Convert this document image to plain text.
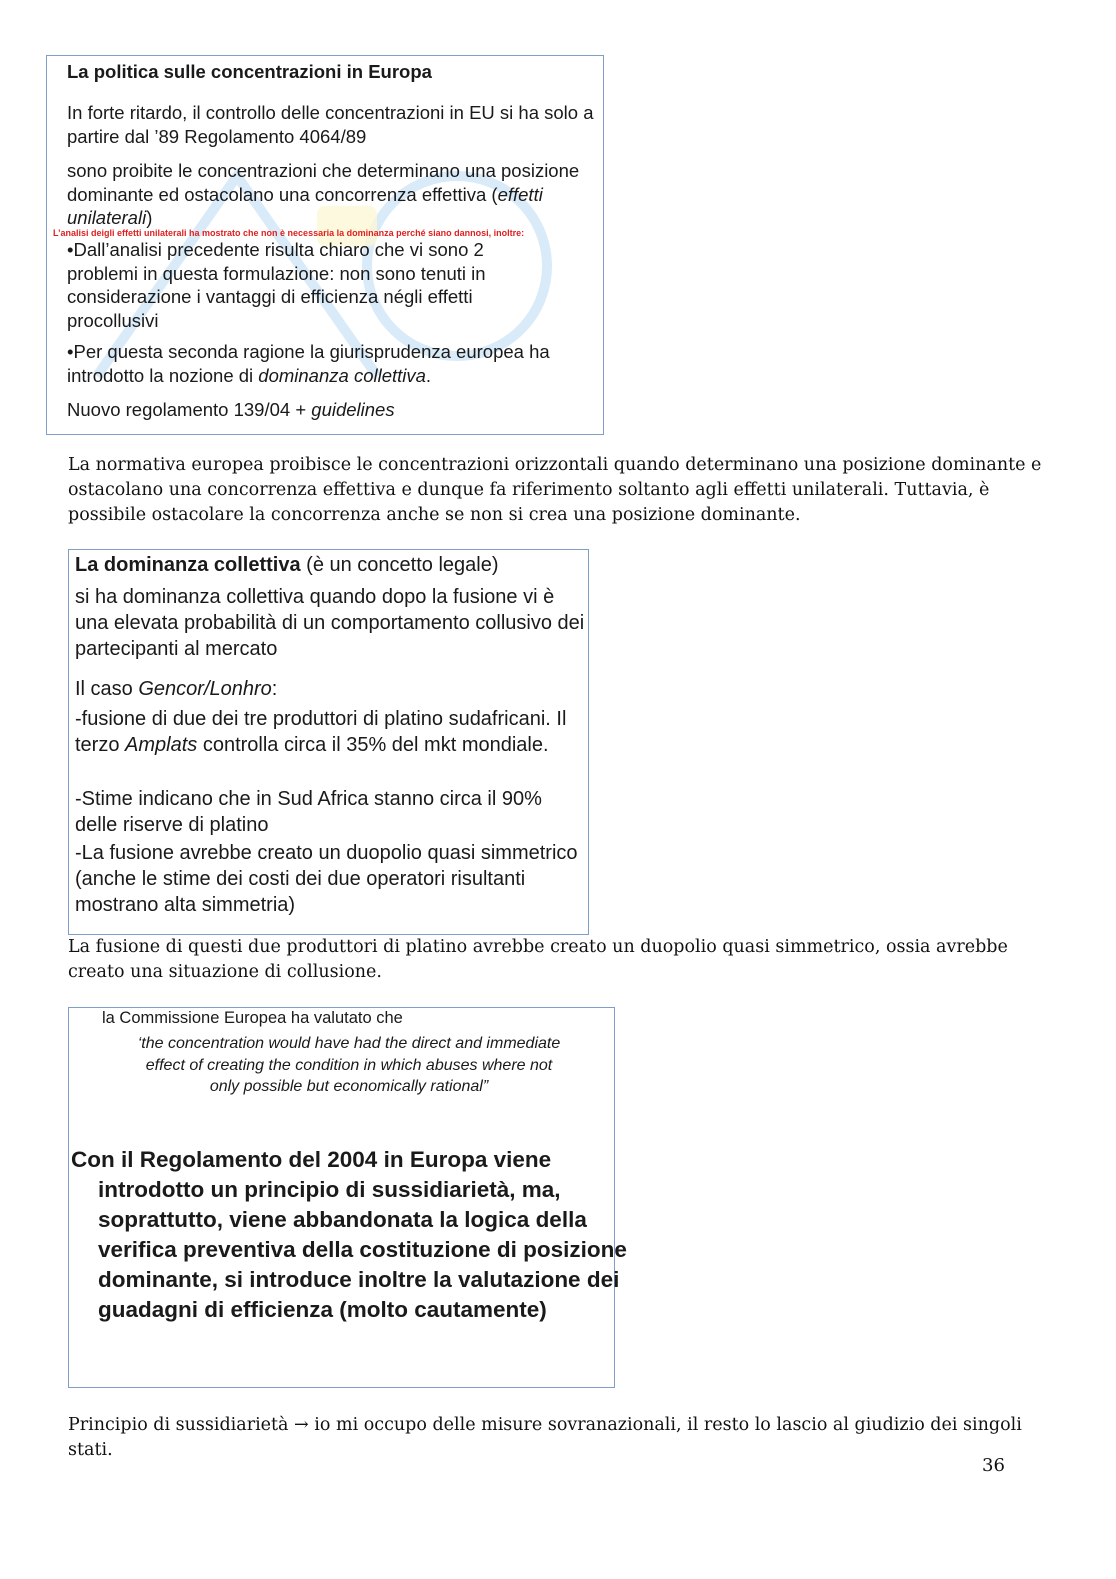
La politica sulle concentrazioni in Europa
In forte ritardo, il controllo delle concentrazioni in EU si ha solo a partire dal ’89 Regolamento 4064/89
sono proibite le concentrazioni che determinano una posizione dominante ed ostacolano una concorrenza effettiva (effetti unilaterali)
L’analisi deigli effetti unilaterali ha mostrato che non è necessaria la dominanza perché siano dannosi, inoltre:
•Dall’analisi precedente risulta chiaro che vi sono 2 problemi in questa formulazione: non sono tenuti in considerazione i vantaggi di efficienza négli effetti procollusivi
•Per questa seconda ragione la giurisprudenza europea ha introdotto la nozione di dominanza collettiva.
Nuovo regolamento 139/04 + guidelines

La normativa europea proibisce le concentrazioni orizzontali quando determinano una posizione dominante e ostacolano una concorrenza effettiva e dunque fa riferimento soltanto agli effetti unilaterali. Tuttavia, è possibile ostacolare la concorrenza anche se non si crea una posizione dominante.

La dominanza collettiva (è un concetto legale)
si ha dominanza collettiva quando dopo la fusione vi è una elevata probabilità di un comportamento collusivo dei partecipanti al mercato
Il caso Gencor/Lonhro:
-fusione di due dei tre produttori di platino sudafricani. Il terzo Amplats controlla circa il 35% del mkt mondiale.
-Stime indicano che in Sud Africa stanno circa il 90% delle riserve di platino
-La fusione avrebbe creato un duopolio quasi simmetrico (anche le stime dei costi dei due operatori risultanti mostrano alta simmetria)

La fusione di questi due produttori di platino avrebbe creato un duopolio quasi simmetrico, ossia avrebbe creato una situazione di collusione.

la Commissione Europea ha valutato che
‘the concentration would have had the direct and immediate effect of creating the condition in which abuses where not only possible but economically rational”
Con il Regolamento del 2004 in Europa viene introdotto un principio di sussidiarietà, ma, soprattutto, viene abbandonata la logica della verifica preventiva della costituzione di posizione dominante, si introduce inoltre la valutazione dei guadagni di efficienza (molto cautamente)

Principio di sussidiarietà → io mi occupo delle misure sovranazionali, il resto lo lascio al giudizio dei singoli stati.

36
